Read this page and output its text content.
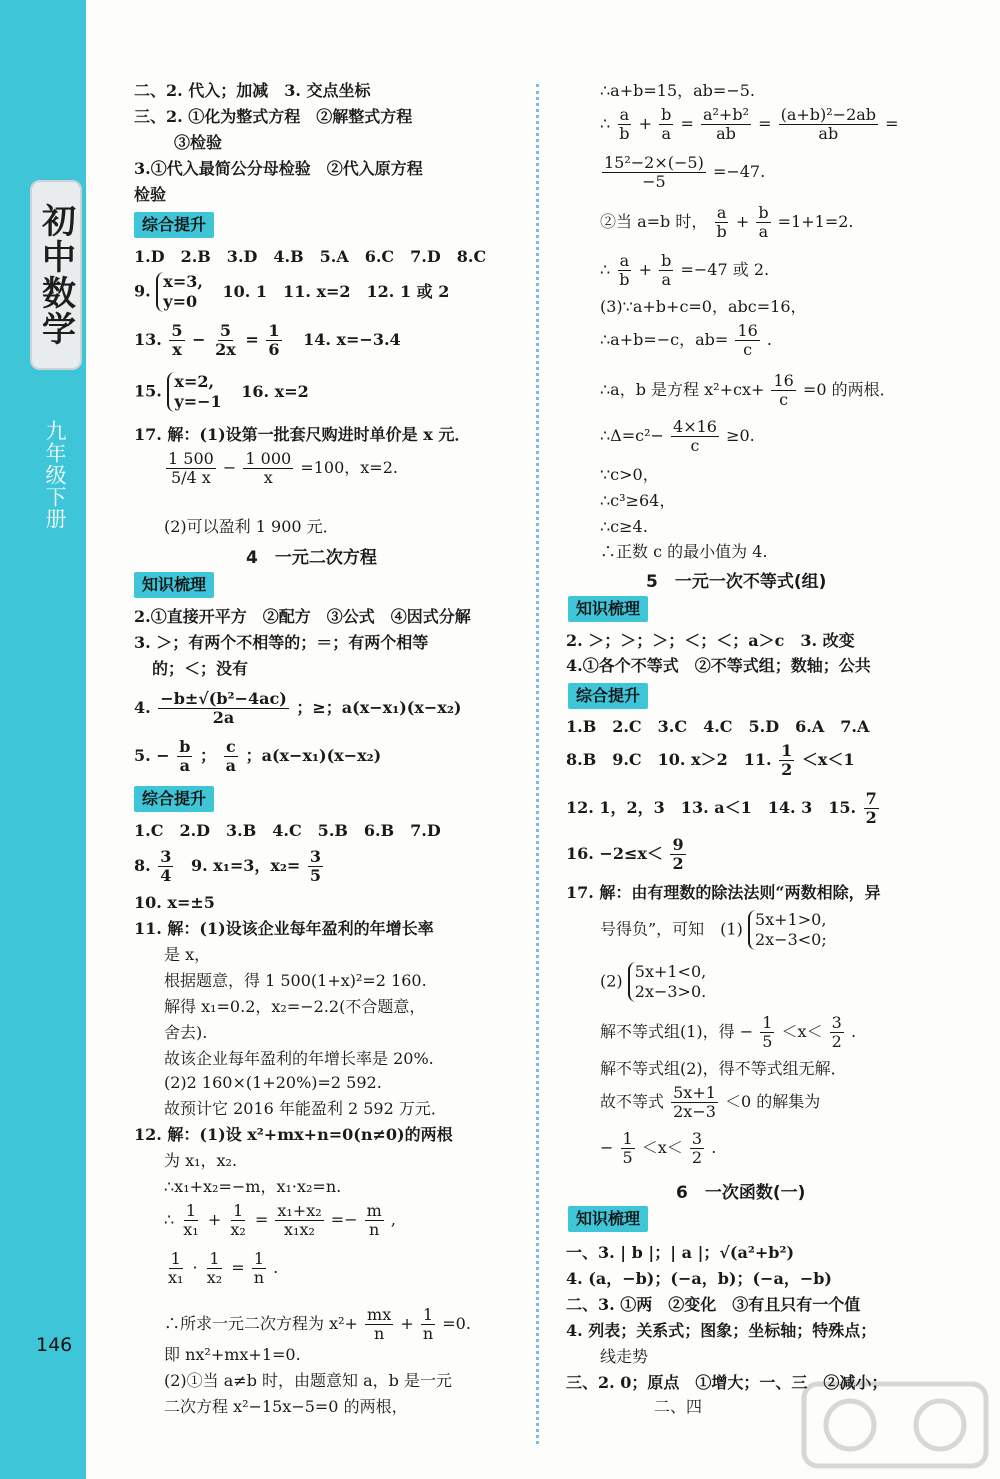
初中数学
九年级下册
146
二、2. 代入；加减　3. 交点坐标
三、2. ①化为整式方程　②解整式方程
③检验
3.①代入最简公分母检验　②代入原方程
检验
综合提升
1.D　2.B　3.D　4.B　5.A　6.C　7.D　8.C
9. x=3,
y=0
10. 1　11. x=2　12. 1 或 2
13. $\frac{5}{x} - \frac{5}{2x} = \frac{1}{6} 14$. x=−3.4
15. x=2,
y=−1
16. x=2
17. 解：(1)设第一批套尺购进时单价是 x 元．
$\frac{1 500}{5/4 x} - \frac{1 000}{x} =100$，x=2.
(2)可以盈利 1 900 元．
4　一元二次方程
知识梳理
2.①直接开平方　②配方　③公式　④因式分解
3. ＞；有两个不相等的；＝；有两个相等
的；＜；没有
4. $\frac{\text{−b±√(b²−4ac)}}{2a}$ ；≥；a(x−x₁)(x−x₂)
5. − $\frac{b}{a}$ ； $\frac{c}{a}$ ；a(x−x₁)(x−x₂)
综合提升
1.C　2.D　3.B　4.C　5.B　6.B　7.D
8. $\frac{3}{4} 9$. x₁=3，$x_2= \frac{3}{5}$
10. x=±5
11. 解：(1)设该企业每年盈利的年增长率
是 x，
根据题意，得 1 500(1+x)²=2 160.
解得 x₁=0.2，x₂=−2.2(不合题意，
舍去).
故该企业每年盈利的年增长率是 20%.
(2)2 160×(1+20%)=2 592.
故预计它 2016 年能盈利 2 592 万元．
12. 解：(1)设 x²+mx+n=0(n≠0)的两根
为 x₁，x₂.
∴x₁+x₂=−m，x₁·x₂=n.
∴ $\frac{1}{\text{x₁}} + \frac{1}{\text{x₂}} = \frac{\text{x₁+x₂}}{\text{x₁x₂}} =- \frac{m}{n}$ ,
$\frac{1}{\text{x₁}} \cdot \frac{1}{\text{x₂}} = \frac{1}{n}$ .
∴所求一元二次方程为 $x^2+ \frac{mx}{n} + \frac{1}{n} =0$.
即 nx²+mx+1=0.
(2)①当 a≠b 时，由题意知 a，b 是一元
二次方程 x²−15x−5=0 的两根，
∴a+b=15，ab=−5.
∴ $\frac{a}{b} + \frac{b}{a} = \frac{\text{a²+b²}}{ab} = \frac{\text{(a+b)²−2ab}}{ab}$ =
$\frac{\text{15²−2×(−5)}}{-5} =-47$.
②当 a=b 时， $\frac{a}{b} + \frac{b}{a} =1+1=2$.
∴ $\frac{a}{b} + \frac{b}{a} =-47$ 或 2.
(3)∵a+b+c=0，abc=16，
∴a+b=−c，$ab= \frac{16}{c}$ .
∴a，b 是方程 $x^2+cx+ \frac{16}{c} =0$ 的两根．
∴Δ=c²− $\frac{4\times 16}{c} \ge 0$.
∵c>0，
∴c³≥64，
∴c≥4.
∴正数 c 的最小值为 4.
5　一元一次不等式(组)
知识梳理
2. ＞；＞；＞；＜；＜；a＞c　3. 改变
4.①各个不等式　②不等式组；数轴；公共
综合提升
1.B　2.C　3.C　4.C　5.D　6.A　7.A
8.B　9.C　10. x＞2　11. $\frac{1}{2} <x<1$
12. 1，2，3　13. a＜1　14. 3　15. $\frac{7}{2}$
16. $-2\le x< \frac{9}{2}$
17. 解：由有理数的除法法则“两数相除，异
号得负”，可知　(1) 5x+1>0,
2x−3<0;
(2) 5x+1<0,
2x−3>0.
解不等式组(1)，得 − $\frac{1}{5} <x< \frac{3}{2}$ .
解不等式组(2)，得不等式组无解．
故不等式 $\frac{5x+1}{2x-3} <0$ 的解集为
− $\frac{1}{5} <x< \frac{3}{2}$ .
6　一次函数(一)
知识梳理
一、3. | b |；| a |；√(a²+b²)
4. (a，−b)；(−a，b)；(−a，−b)
二、3. ①两　②变化　③有且只有一个值
4. 列表；关系式；图象；坐标轴；特殊点；
线走势
三、2. 0；原点　①增大；一、三　②减小；
二、四
